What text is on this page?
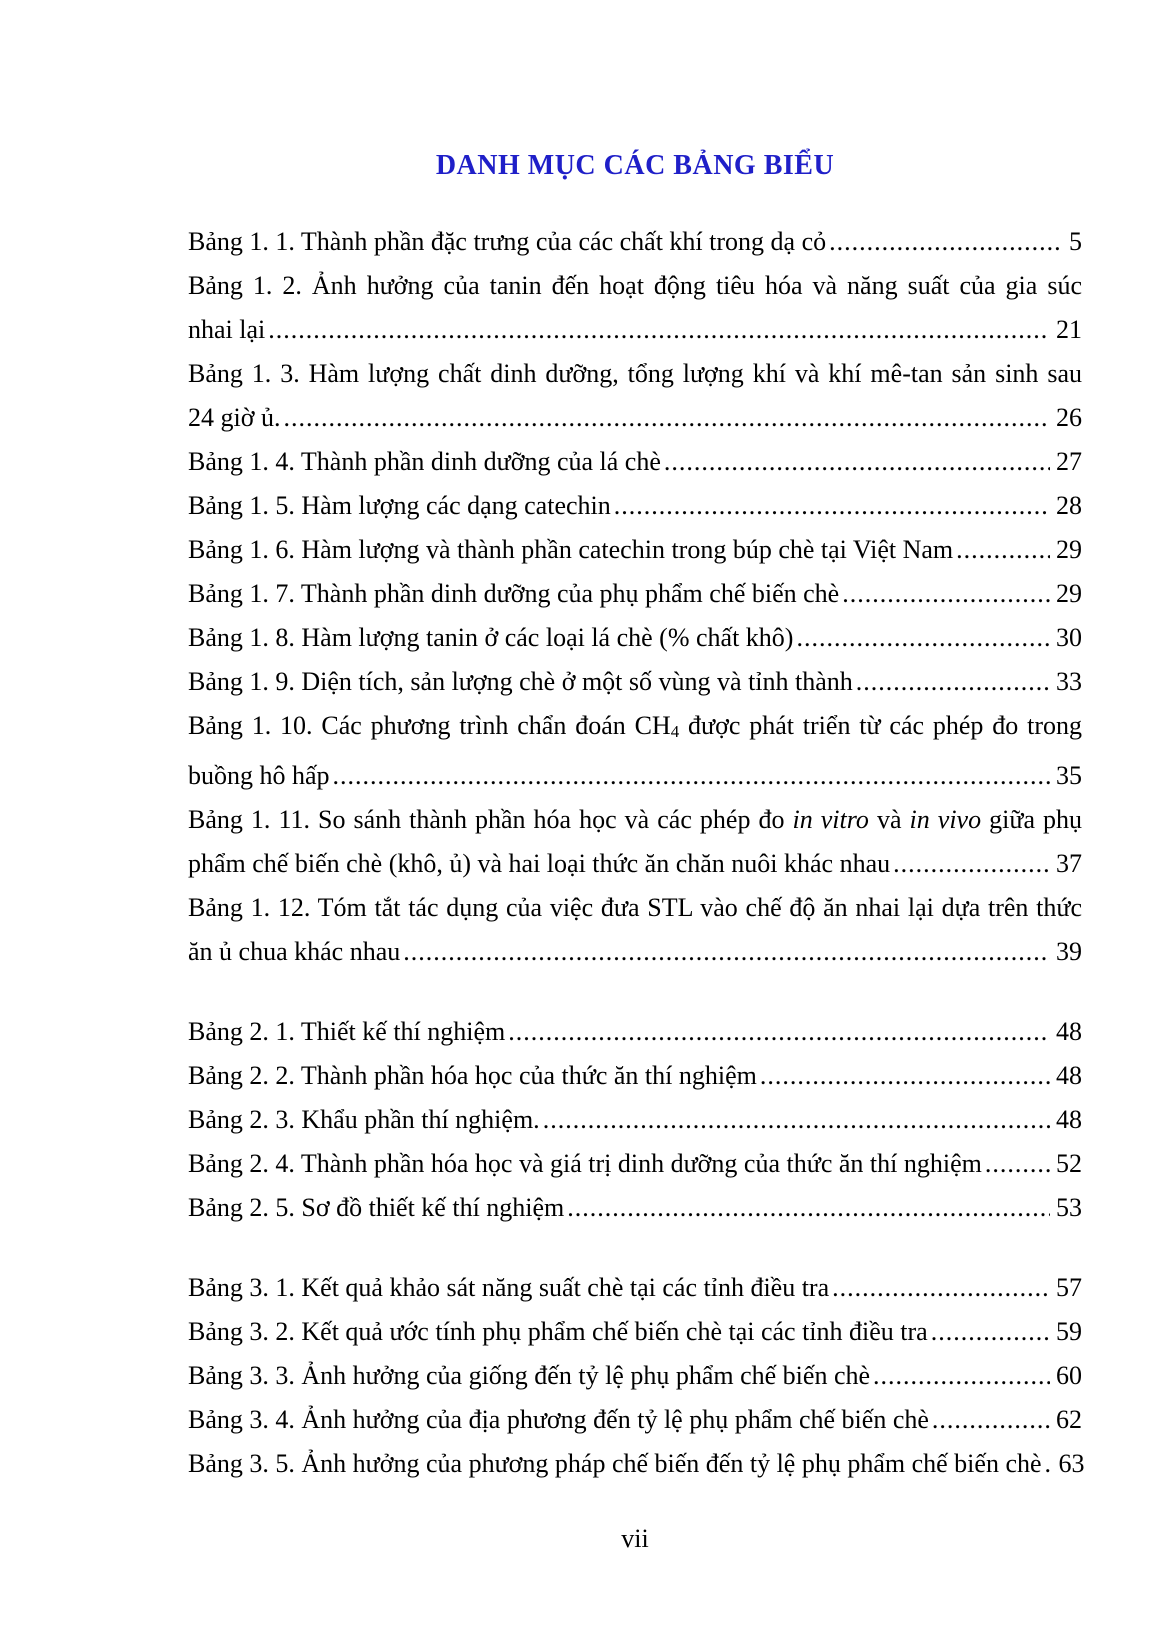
DANH MỤC CÁC BẢNG BIỂU
Bảng 1. 1. Thành phần đặc trưng của các chất khí trong dạ cỏ .....	5
Bảng 1. 2. Ảnh hưởng của tanin đến hoạt động tiêu hóa và năng suất của gia súc
nhai lại .....	21
Bảng 1. 3. Hàm lượng chất dinh dưỡng, tổng lượng khí và khí mê-tan sản sinh sau
24 giờ ủ. .....	26
Bảng 1. 4. Thành phần dinh dưỡng của lá chè .....	27
Bảng 1. 5. Hàm lượng các dạng catechin .....	28
Bảng 1. 6. Hàm lượng và thành phần catechin trong búp chè tại Việt Nam .....	29
Bảng 1. 7. Thành phần dinh dưỡng của phụ phẩm chế biến chè .....	29
Bảng 1. 8. Hàm lượng tanin ở các loại lá chè (% chất khô) .....	30
Bảng 1. 9. Diện tích, sản lượng chè ở một số vùng và tỉnh thành .....	33
Bảng 1. 10. Các phương trình chẩn đoán CH4 được phát triển từ các phép đo trong
buồng hô hấp .....	35
Bảng 1. 11. So sánh thành phần hóa học và các phép đo in vitro và in vivo giữa phụ
phẩm chế biến chè (khô, ủ) và hai loại thức ăn chăn nuôi khác nhau .....	37
Bảng 1. 12. Tóm tắt tác dụng của việc đưa STL vào chế độ ăn nhai lại dựa trên thức
ăn ủ chua khác nhau .....	39
Bảng 2. 1. Thiết kế thí nghiệm .....	48
Bảng 2. 2. Thành phần hóa học của thức ăn thí nghiệm .....	48
Bảng 2. 3. Khẩu phần thí nghiệm. .....	48
Bảng 2. 4. Thành phần hóa học và giá trị dinh dưỡng của thức ăn thí nghiệm .....	52
Bảng 2. 5. Sơ đồ thiết kế thí nghiệm .....	53
Bảng 3. 1. Kết quả khảo sát năng suất chè tại các tỉnh điều tra .....	57
Bảng 3. 2. Kết quả ước tính phụ phẩm chế biến chè tại các tỉnh điều tra .....	59
Bảng 3. 3. Ảnh hưởng của giống đến tỷ lệ phụ phẩm chế biến chè .....	60
Bảng 3. 4. Ảnh hưởng của địa phương đến tỷ lệ phụ phẩm chế biến chè .....	62
Bảng 3. 5. Ảnh hưởng của phương pháp chế biến đến tỷ lệ phụ phẩm chế biến chè ..... 63
vii
